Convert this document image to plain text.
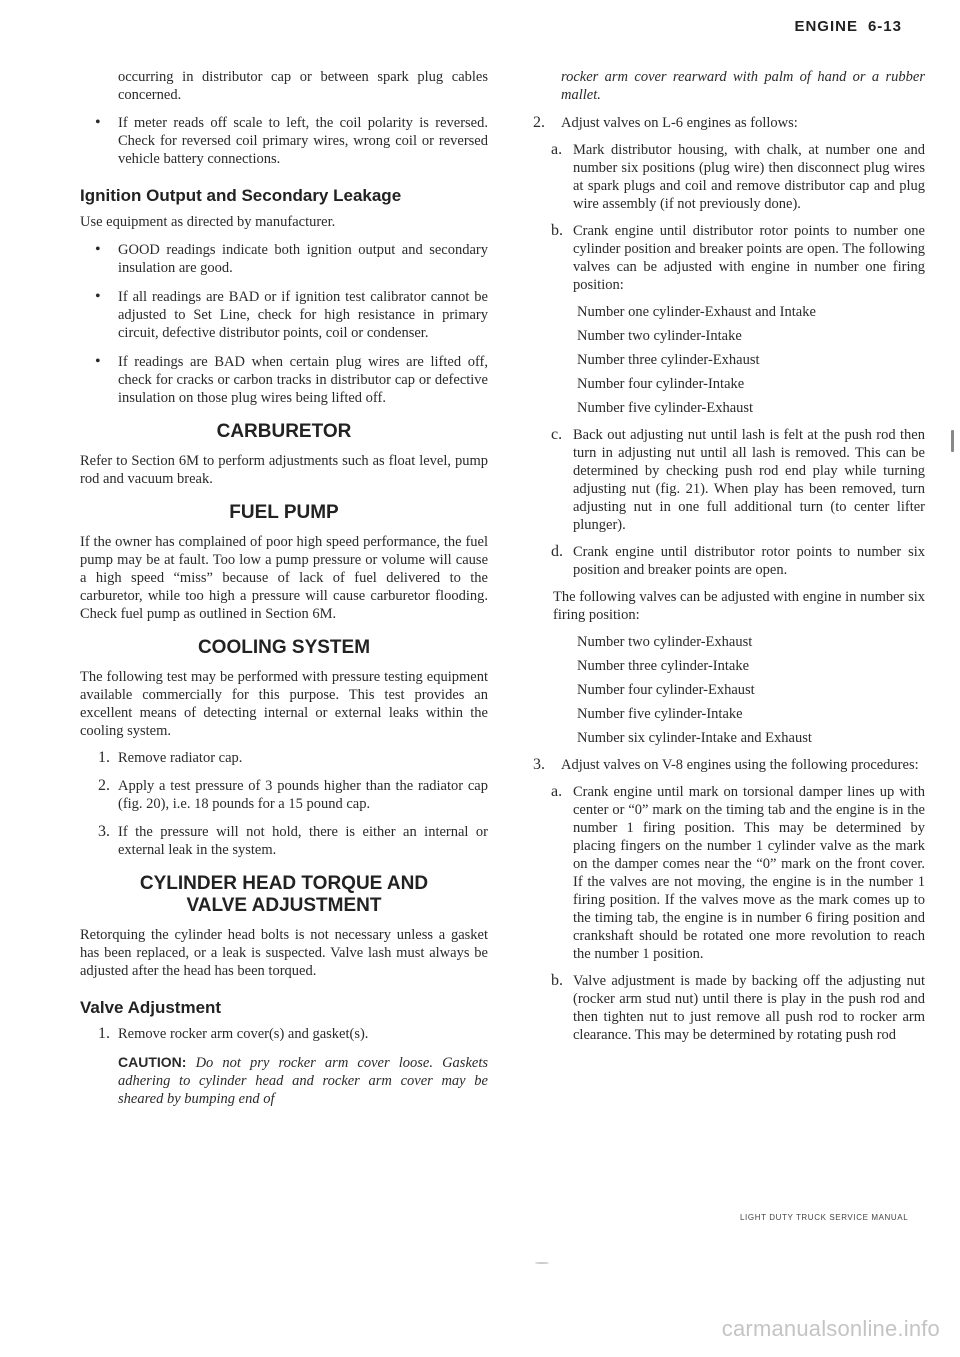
ENGINE 6-13

occurring in distributor cap or between spark plug cables concerned.

• If meter reads off scale to left, the coil polarity is reversed. Check for reversed coil primary wires, wrong coil or reversed vehicle battery connections.

Ignition Output and Secondary Leakage

Use equipment as directed by manufacturer.

• GOOD readings indicate both ignition output and secondary insulation are good.

• If all readings are BAD or if ignition test calibrator cannot be adjusted to Set Line, check for high resistance in primary circuit, defective distributor points, coil or condenser.

• If readings are BAD when certain plug wires are lifted off, check for cracks or carbon tracks in distributor cap or defective insulation on those plug wires being lifted off.

CARBURETOR

Refer to Section 6M to perform adjustments such as float level, pump rod and vacuum break.

FUEL PUMP

If the owner has complained of poor high speed performance, the fuel pump may be at fault. Too low a pump pressure or volume will cause a high speed “miss” because of lack of fuel delivered to the carburetor, while too high a pressure will cause carburetor flooding. Check fuel pump as outlined in Section 6M.

COOLING SYSTEM

The following test may be performed with pressure testing equipment available commercially for this purpose. This test provides an excellent means of detecting internal or external leaks within the cooling system.

1. Remove radiator cap.

2. Apply a test pressure of 3 pounds higher than the radiator cap (fig. 20), i.e. 18 pounds for a 15 pound cap.

3. If the pressure will not hold, there is either an internal or external leak in the system.

CYLINDER HEAD TORQUE AND
VALVE ADJUSTMENT

Retorquing the cylinder head bolts is not necessary unless a gasket has been replaced, or a leak is suspected. Valve lash must always be adjusted after the head has been torqued.

Valve Adjustment
1. Remove rocker arm cover(s) and gasket(s).

CAUTION: Do not pry rocker arm cover loose. Gaskets adhering to cylinder head and rocker arm cover may be sheared by bumping end of

rocker arm cover rearward with palm of hand or a rubber mallet.

2. Adjust valves on L-6 engines as follows:

a. Mark distributor housing, with chalk, at number one and number six positions (plug wire) then disconnect plug wires at spark plugs and coil and remove distributor cap and plug wire assembly (if not previously done).

b. Crank engine until distributor rotor points to number one cylinder position and breaker points are open. The following valves can be adjusted with engine in number one firing position:

Number one cylinder-Exhaust and Intake
Number two cylinder-Intake
Number three cylinder-Exhaust
Number four cylinder-Intake
Number five cylinder-Exhaust
c. Back out adjusting nut until lash is felt at the push rod then turn in adjusting nut until all lash is removed. This can be determined by checking push rod end play while turning adjusting nut (fig. 21). When play has been removed, turn adjusting nut in one full additional turn (to center lifter plunger).

d. Crank engine until distributor rotor points to number six position and breaker points are open.

The following valves can be adjusted with engine in number six firing position:

Number two cylinder-Exhaust
Number three cylinder-Intake
Number four cylinder-Exhaust
Number five cylinder-Intake
Number six cylinder-Intake and Exhaust
3. Adjust valves on V-8 engines using the following procedures:

a. Crank engine until mark on torsional damper lines up with center or “0” mark on the timing tab and the engine is in the number 1 firing position. This may be determined by placing fingers on the number 1 cylinder valve as the mark on the damper comes near the “0” mark on the front cover. If the valves are not moving, the engine is in the number 1 firing position. If the valves move as the mark comes up to the timing tab, the engine is in number 6 firing position and crankshaft should be rotated one more revolution to reach the number 1 position.

b. Valve adjustment is made by backing off the adjusting nut (rocker arm stud nut) until there is play in the push rod and then tighten nut to just remove all push rod to rocker arm clearance. This may be determined by rotating push rod

LIGHT DUTY TRUCK SERVICE MANUAL
carmanualsonline.info
